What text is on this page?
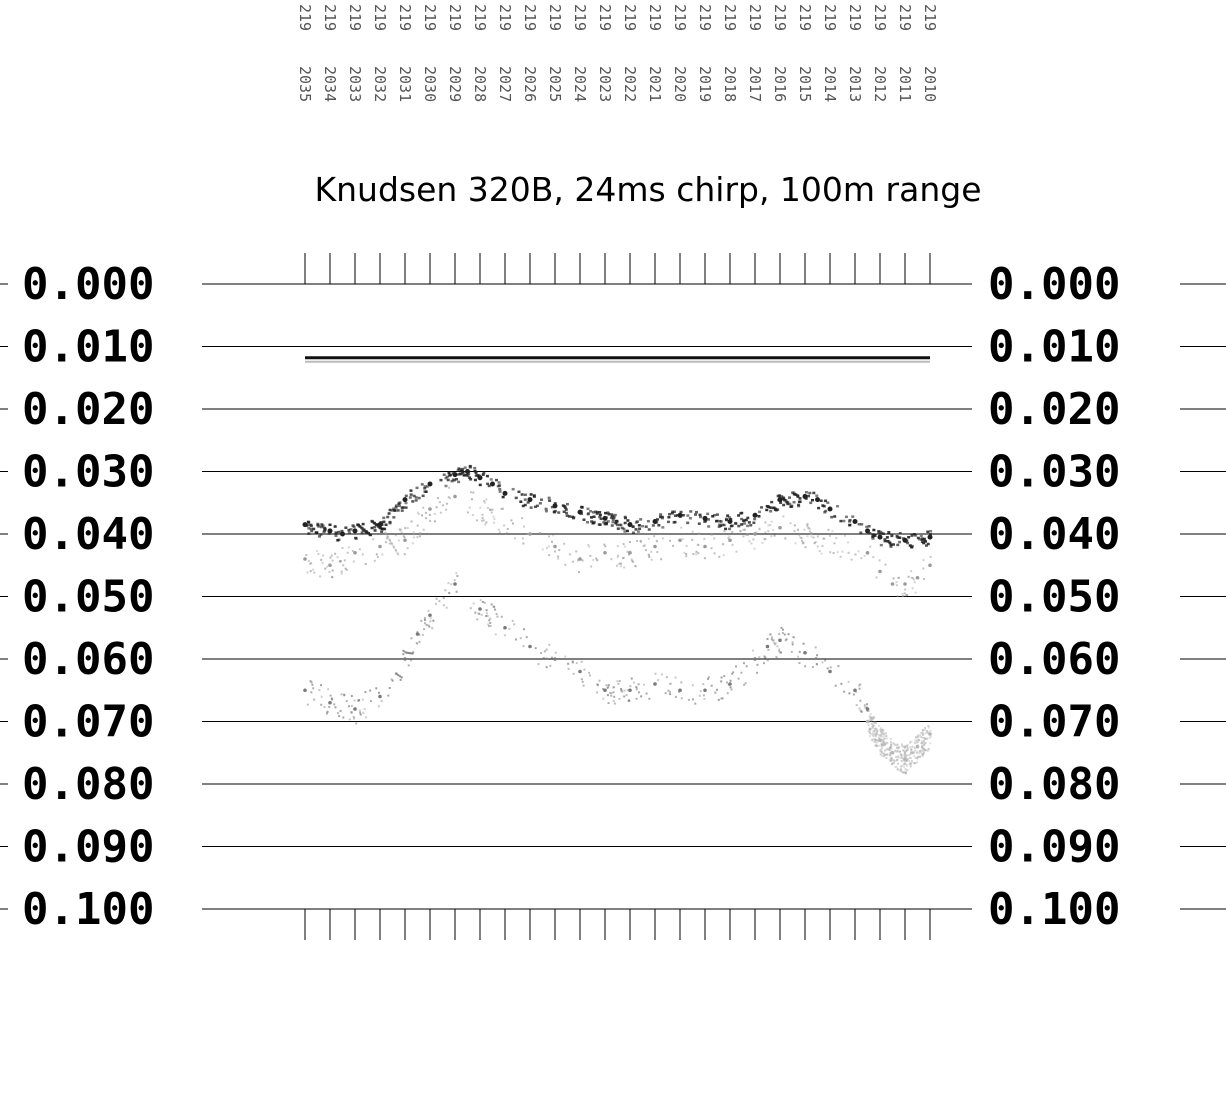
2192035
2192034
2192033
2192032
2192031
2192030
2192029
2192028
2192027
2192026
2192025
2192024
2192023
2192022
2192021
2192020
2192019
2192018
2192017
2192016
2192015
2192014
2192013
2192012
2192011
2192010
Knudsen 320B, 24ms chirp, 100m range
0.000	0.000
0.010	0.010
0.020	0.020
0.030	0.030
0.040	0.040
0.050	0.050
0.060	0.060
0.070	0.070
0.080	0.080
0.090	0.090
0.100	0.100
